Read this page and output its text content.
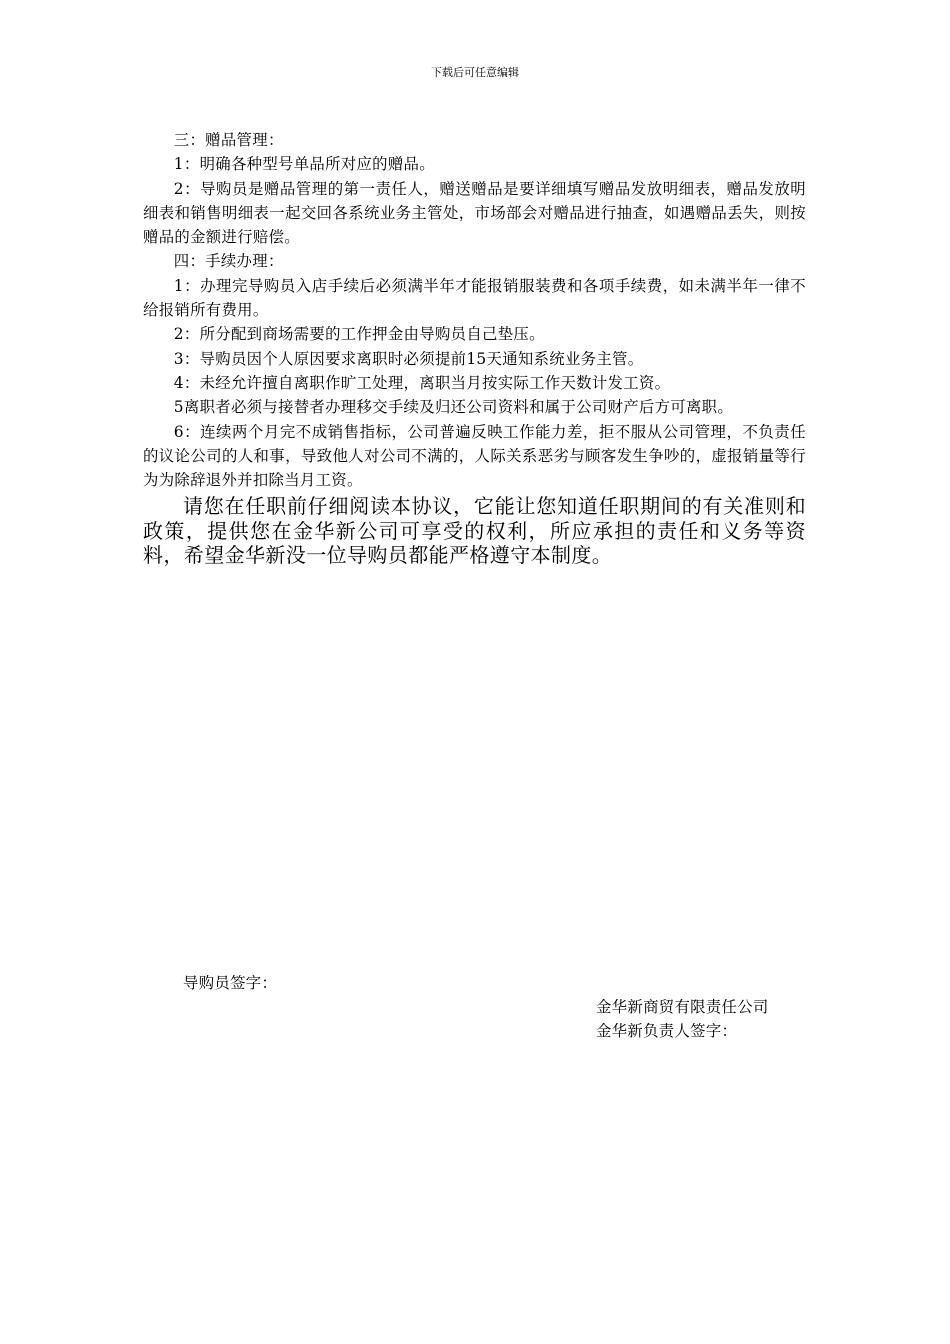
下载后可任意编辑

三：赠品管理：

1：明确各种型号单品所对应的赠品。

2：导购员是赠品管理的第一责任人，赠送赠品是要详细填写赠品发放明细表，赠品发放明细表和销售明细表一起交回各系统业务主管处，市场部会对赠品进行抽查，如遇赠品丢失，则按赠品的金额进行赔偿。

四：手续办理：

1：办理完导购员入店手续后必须满半年才能报销服装费和各项手续费，如未满半年一律不给报销所有费用。

2：所分配到商场需要的工作押金由导购员自己垫压。

3：导购员因个人原因要求离职时必须提前15天通知系统业务主管。

4：未经允许擅自离职作旷工处理，离职当月按实际工作天数计发工资。

5离职者必须与接替者办理移交手续及归还公司资料和属于公司财产后方可离职。

6：连续两个月完不成销售指标，公司普遍反映工作能力差，拒不服从公司管理，不负责任的议论公司的人和事，导致他人对公司不满的，人际关系恶劣与顾客发生争吵的，虚报销量等行为为除辞退外并扣除当月工资。

请您在任职前仔细阅读本协议，它能让您知道任职期间的有关准则和政策，提供您在金华新公司可享受的权利，所应承担的责任和义务等资料，希望金华新没一位导购员都能严格遵守本制度。

导购员签字：
金华新商贸有限责任公司
金华新负责人签字：
